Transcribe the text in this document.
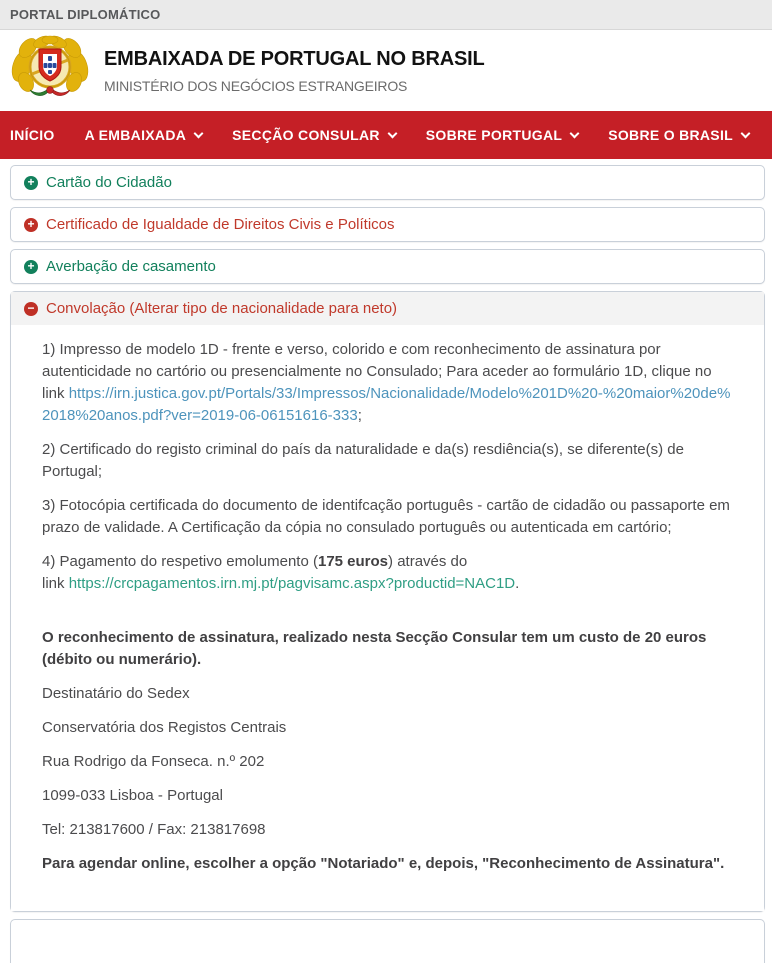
PORTAL DIPLOMÁTICO
EMBAIXADA DE PORTUGAL NO BRASIL
MINISTÉRIO DOS NEGÓCIOS ESTRANGEIROS
INÍCIO A EMBAIXADA	SECÇÃO CONSULAR	SOBRE PORTUGAL	SOBRE O BRASIL
+ Cartão do Cidadão
+ Certificado de Igualdade de Direitos Civis e Políticos
+ Averbação de casamento
− Convolação (Alterar tipo de nacionalidade para neto)

1) Impresso de modelo 1D - frente e verso, colorido e com reconhecimento de assinatura por autenticidade no cartório ou presencialmente no Consulado; Para aceder ao formulário 1D, clique no link https://irn.justica.gov.pt/Portals/33/Impressos/Nacionalidade/Modelo%201D%20-%20maior%20de%2018%20anos.pdf?ver=2019-06-06151616-333;

2) Certificado do registo criminal do país da naturalidade e da(s) resdiência(s), se diferente(s) de Portugal;

3) Fotocópia certificada do documento de identifcação português - cartão de cidadão ou passaporte em prazo de validade. A Certificação da cópia no consulado português ou autenticada em cartório;

4) Pagamento do respetivo emolumento (175 euros) através do
link https://crcpagamentos.irn.mj.pt/pagvisamc.aspx?productid=NAC1D.

O reconhecimento de assinatura, realizado nesta Secção Consular tem um custo de 20 euros (débito ou numerário).

Destinatário do Sedex

Conservatória dos Registos Centrais

Rua Rodrigo da Fonseca. n.º 202

1099-033 Lisboa - Portugal

Tel: 213817600 / Fax: 213817698

Para agendar online, escolher a opção "Notariado" e, depois, "Reconhecimento de Assinatura".
